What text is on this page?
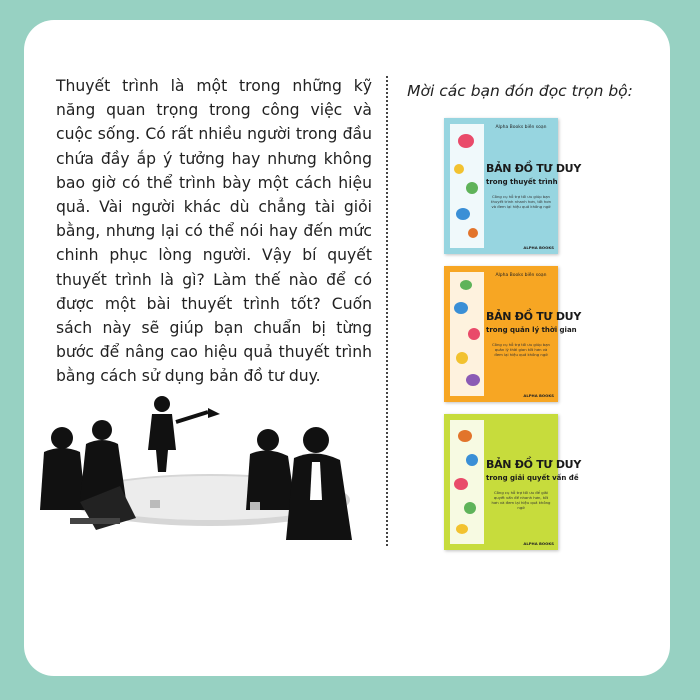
Thuyết trình là một trong những kỹ năng quan trọng trong công việc và cuộc sống. Có rất nhiều người trong đầu chứa đầy ắp ý tưởng hay nhưng không bao giờ có thể trình bày một cách hiệu quả. Vài người khác dù chẳng tài giỏi bằng, nhưng lại có thể nói hay đến mức chinh phục lòng người. Vậy bí quyết thuyết trình là gì? Làm thế nào để có được một bài thuyết trình tốt? Cuốn sách này sẽ giúp bạn chuẩn bị từng bước để nâng cao hiệu quả thuyết trình bằng cách sử dụng bản đồ tư duy.

Mời các bạn đón đọc trọn bộ:

Alpha Books biên soạn
BẢN ĐỒ TƯ DUY
trong thuyết trình
Công cụ hỗ trợ tối ưu giúp bạn thuyết trình nhanh hơn, tốt hơn và đem lại hiệu quả không ngờ
ALPHA BOOKS
Alpha Books biên soạn
BẢN ĐỒ TƯ DUY
trong quản lý thời gian
Công cụ hỗ trợ tối ưu giúp bạn quản lý thời gian tốt hơn và đem lại hiệu quả không ngờ
ALPHA BOOKS
BẢN ĐỒ TƯ DUY
trong giải quyết vấn đề
Công cụ hỗ trợ tối ưu để giải quyết vấn đề nhanh hơn, tốt hơn và đem lại hiệu quả không ngờ
ALPHA BOOKS
